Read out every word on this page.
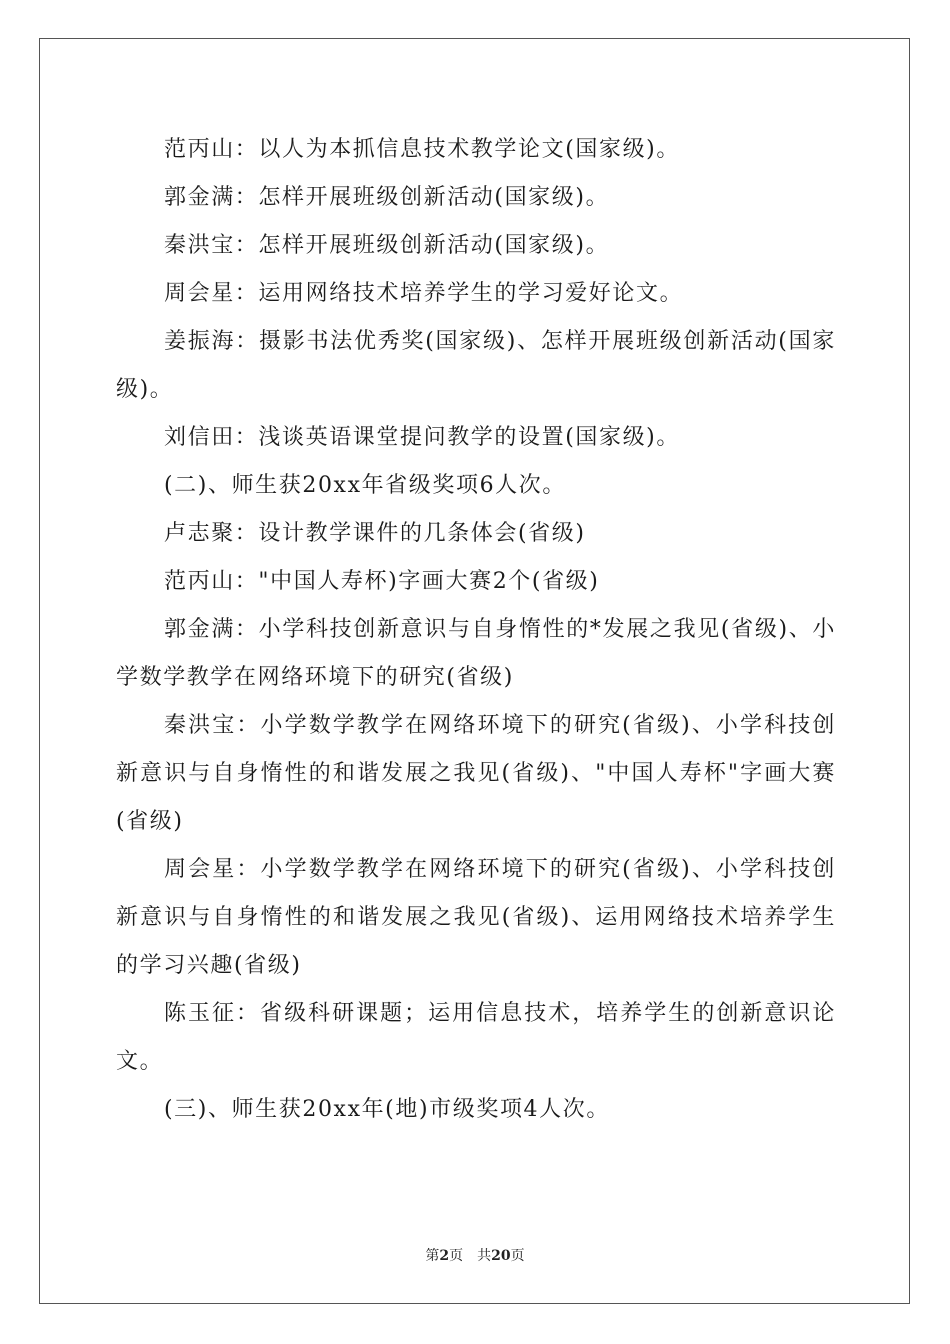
范丙山：以人为本抓信息技术教学论文(国家级)。

郭金满：怎样开展班级创新活动(国家级)。

秦洪宝：怎样开展班级创新活动(国家级)。

周会星：运用网络技术培养学生的学习爱好论文。

姜振海：摄影书法优秀奖(国家级)、怎样开展班级创新活动(国家级)。

刘信田：浅谈英语课堂提问教学的设置(国家级)。

(二)、师生获20xx年省级奖项6人次。

卢志聚：设计教学课件的几条体会(省级)

范丙山："中国人寿杯)字画大赛2个(省级)

郭金满：小学科技创新意识与自身惰性的*发展之我见(省级)、小学数学教学在网络环境下的研究(省级)

秦洪宝：小学数学教学在网络环境下的研究(省级)、小学科技创新意识与自身惰性的和谐发展之我见(省级)、"中国人寿杯"字画大赛(省级)

周会星：小学数学教学在网络环境下的研究(省级)、小学科技创新意识与自身惰性的和谐发展之我见(省级)、运用网络技术培养学生的学习兴趣(省级)

陈玉征：省级科研课题；运用信息技术，培养学生的创新意识论文。

(三)、师生获20xx年(地)市级奖项4人次。

第2页 共20页
